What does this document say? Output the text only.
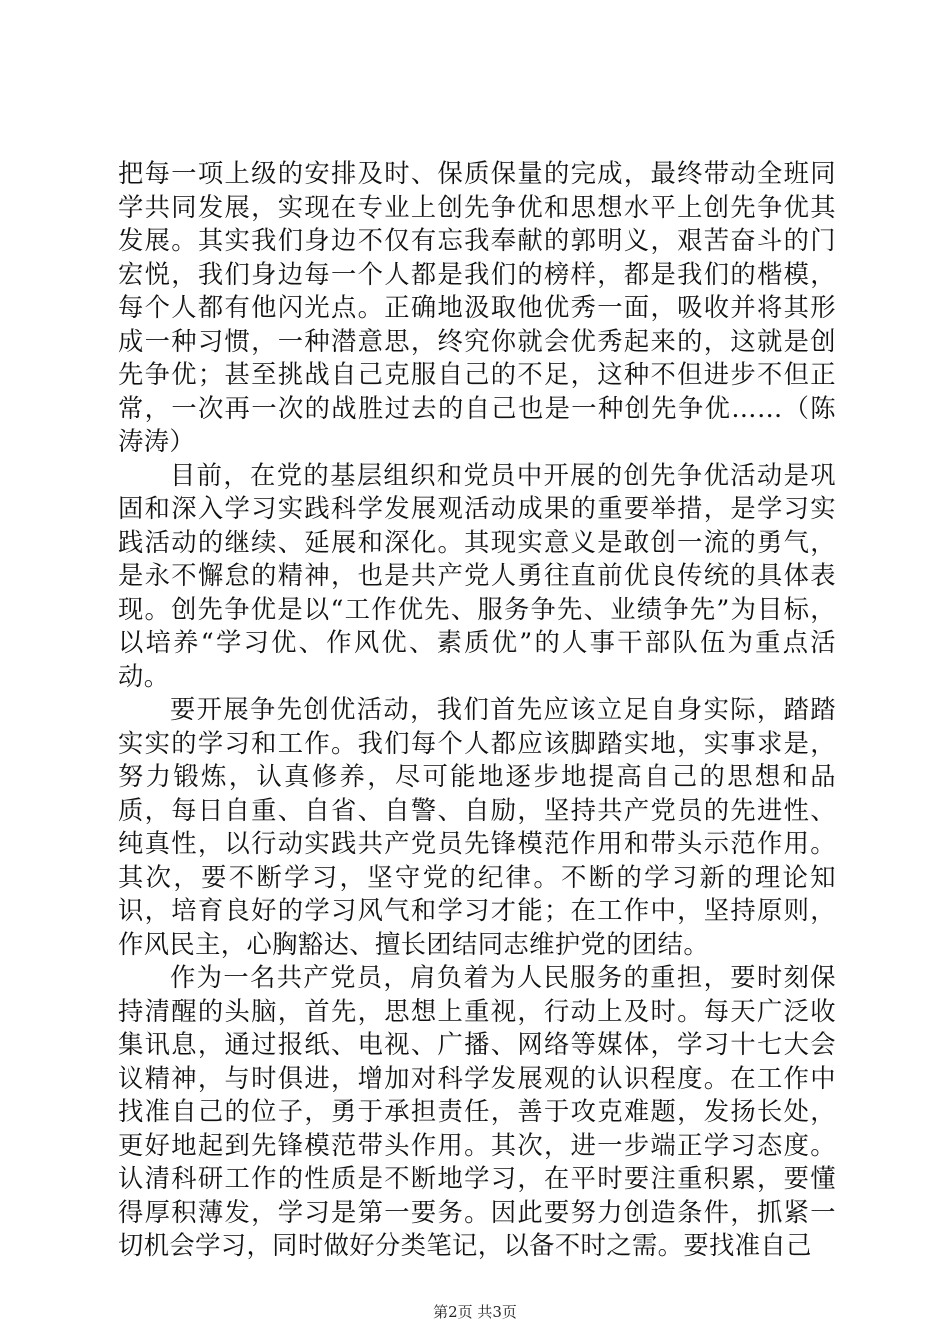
把每一项上级的安排及时、保质保量的完成，最终带动全班同学共同发展，实现在专业上创先争优和思想水平上创先争优其发展。其实我们身边不仅有忘我奉献的郭明义，艰苦奋斗的门宏悦，我们身边每一个人都是我们的榜样，都是我们的楷模，每个人都有他闪光点。正确地汲取他优秀一面，吸收并将其形成一种习惯，一种潜意思，终究你就会优秀起来的，这就是创先争优；甚至挑战自己克服自己的不足，这种不但进步不但正常，一次再一次的战胜过去的自己也是一种创先争优……（陈涛涛）

目前，在党的基层组织和党员中开展的创先争优活动是巩固和深入学习实践科学发展观活动成果的重要举措，是学习实践活动的继续、延展和深化。其现实意义是敢创一流的勇气，是永不懈怠的精神，也是共产党人勇往直前优良传统的具体表现。创先争优是以“工作优先、服务争先、业绩争先”为目标，以培养“学习优、作风优、素质优”的人事干部队伍为重点活动。

要开展争先创优活动，我们首先应该立足自身实际，踏踏实实的学习和工作。我们每个人都应该脚踏实地，实事求是，努力锻炼，认真修养，尽可能地逐步地提高自己的思想和品质，每日自重、自省、自警、自励，坚持共产党员的先进性、纯真性，以行动实践共产党员先锋模范作用和带头示范作用。其次，要不断学习，坚守党的纪律。不断的学习新的理论知识，培育良好的学习风气和学习才能；在工作中，坚持原则，作风民主，心胸豁达、擅长团结同志维护党的团结。

作为一名共产党员，肩负着为人民服务的重担，要时刻保持清醒的头脑，首先，思想上重视，行动上及时。每天广泛收集讯息，通过报纸、电视、广播、网络等媒体，学习十七大会议精神，与时俱进，增加对科学发展观的认识程度。在工作中找准自己的位子，勇于承担责任，善于攻克难题，发扬长处，更好地起到先锋模范带头作用。其次，进一步端正学习态度。认清科研工作的性质是不断地学习，在平时要注重积累，要懂得厚积薄发，学习是第一要务。因此要努力创造条件，抓紧一切机会学习，同时做好分类笔记，以备不时之需。要找准自己

第2页 共3页
